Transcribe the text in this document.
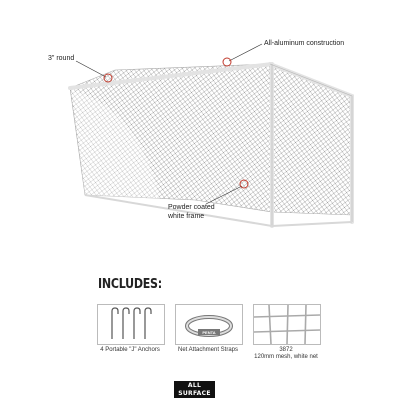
3" round
All-aluminum construction
Powder coated
white frame
INCLUDES:
4 Portable "J" Anchors
PENTA
Net Attachment Straps	3872
120mm mesh, white net
ALL
SURFACE
